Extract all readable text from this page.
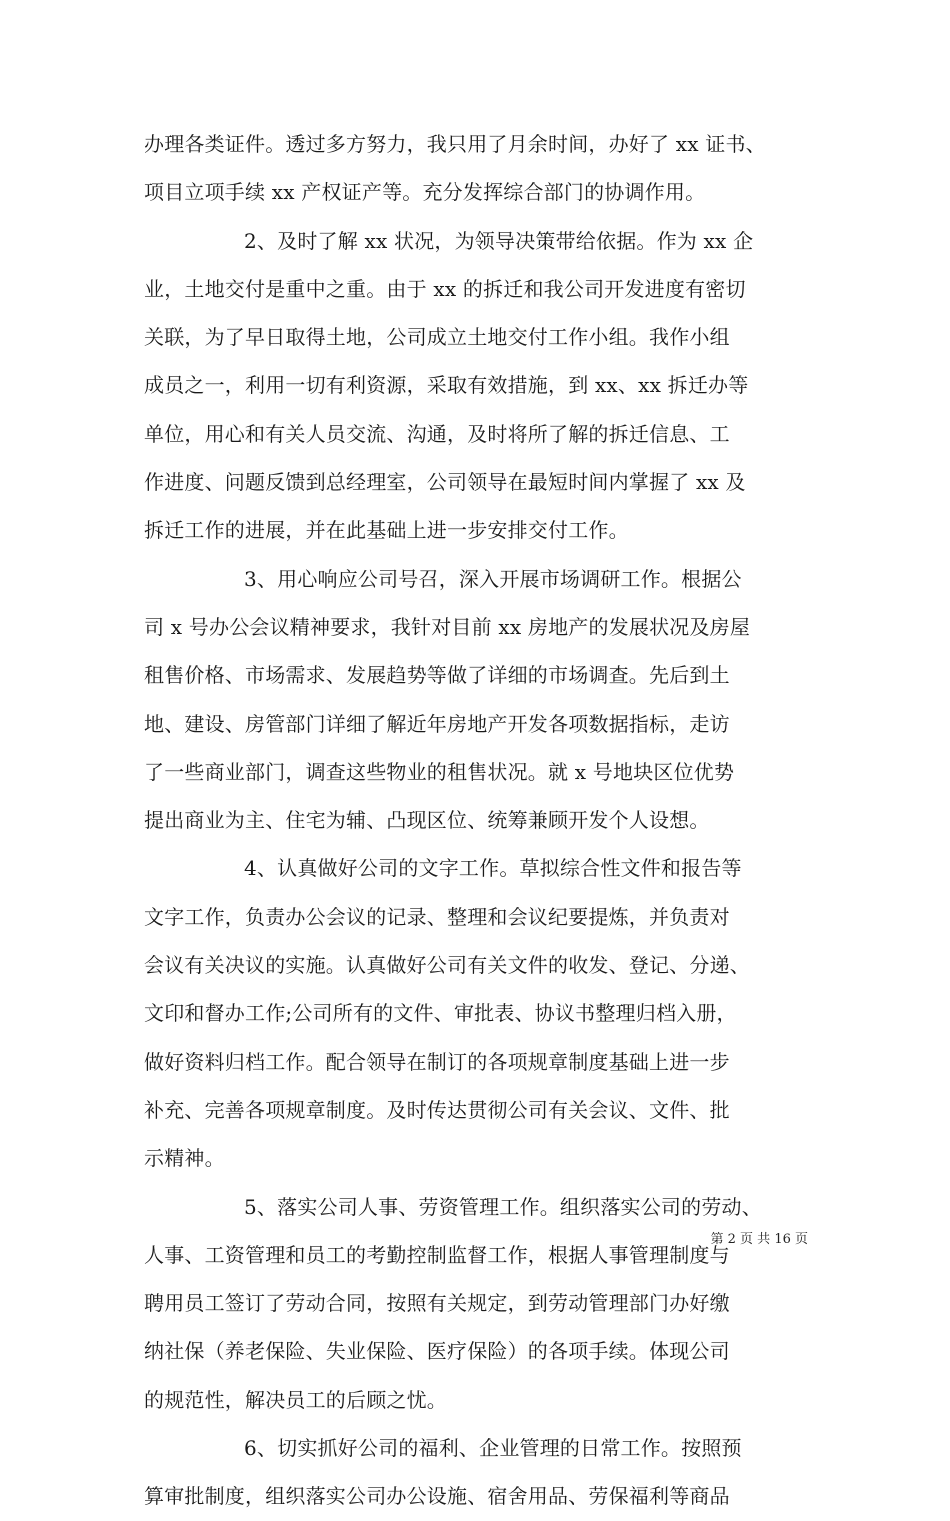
办理各类证件。透过多方努力，我只用了月余时间，办好了 xx 证书、
项目立项手续 xx 产权证产等。充分发挥综合部门的协调作用。
2、及时了解 xx 状况，为领导决策带给依据。作为 xx 企
业，土地交付是重中之重。由于 xx 的拆迁和我公司开发进度有密切
关联，为了早日取得土地，公司成立土地交付工作小组。我作小组
成员之一，利用一切有利资源，采取有效措施，到 xx、xx 拆迁办等
单位，用心和有关人员交流、沟通，及时将所了解的拆迁信息、工
作进度、问题反馈到总经理室，公司领导在最短时间内掌握了 xx 及
拆迁工作的进展，并在此基础上进一步安排交付工作。
3、用心响应公司号召，深入开展市场调研工作。根据公
司 x 号办公会议精神要求，我针对目前 xx 房地产的发展状况及房屋
租售价格、市场需求、发展趋势等做了详细的市场调查。先后到土
地、建设、房管部门详细了解近年房地产开发各项数据指标，走访
了一些商业部门，调查这些物业的租售状况。就 x 号地块区位优势
提出商业为主、住宅为辅、凸现区位、统筹兼顾开发个人设想。
4、认真做好公司的文字工作。草拟综合性文件和报告等
文字工作，负责办公会议的记录、整理和会议纪要提炼，并负责对
会议有关决议的实施。认真做好公司有关文件的收发、登记、分递、
文印和督办工作;公司所有的文件、审批表、协议书整理归档入册，
做好资料归档工作。配合领导在制订的各项规章制度基础上进一步
补充、完善各项规章制度。及时传达贯彻公司有关会议、文件、批
示精神。
5、落实公司人事、劳资管理工作。组织落实公司的劳动、
人事、工资管理和员工的考勤控制监督工作，根据人事管理制度与
聘用员工签订了劳动合同，按照有关规定，到劳动管理部门办好缴
纳社保（养老保险、失业保险、医疗保险）的各项手续。体现公司
的规范性，解决员工的后顾之忧。
6、切实抓好公司的福利、企业管理的日常工作。按照预
算审批制度，组织落实公司办公设施、宿舍用品、劳保福利等商品
第 2 页 共 16 页
